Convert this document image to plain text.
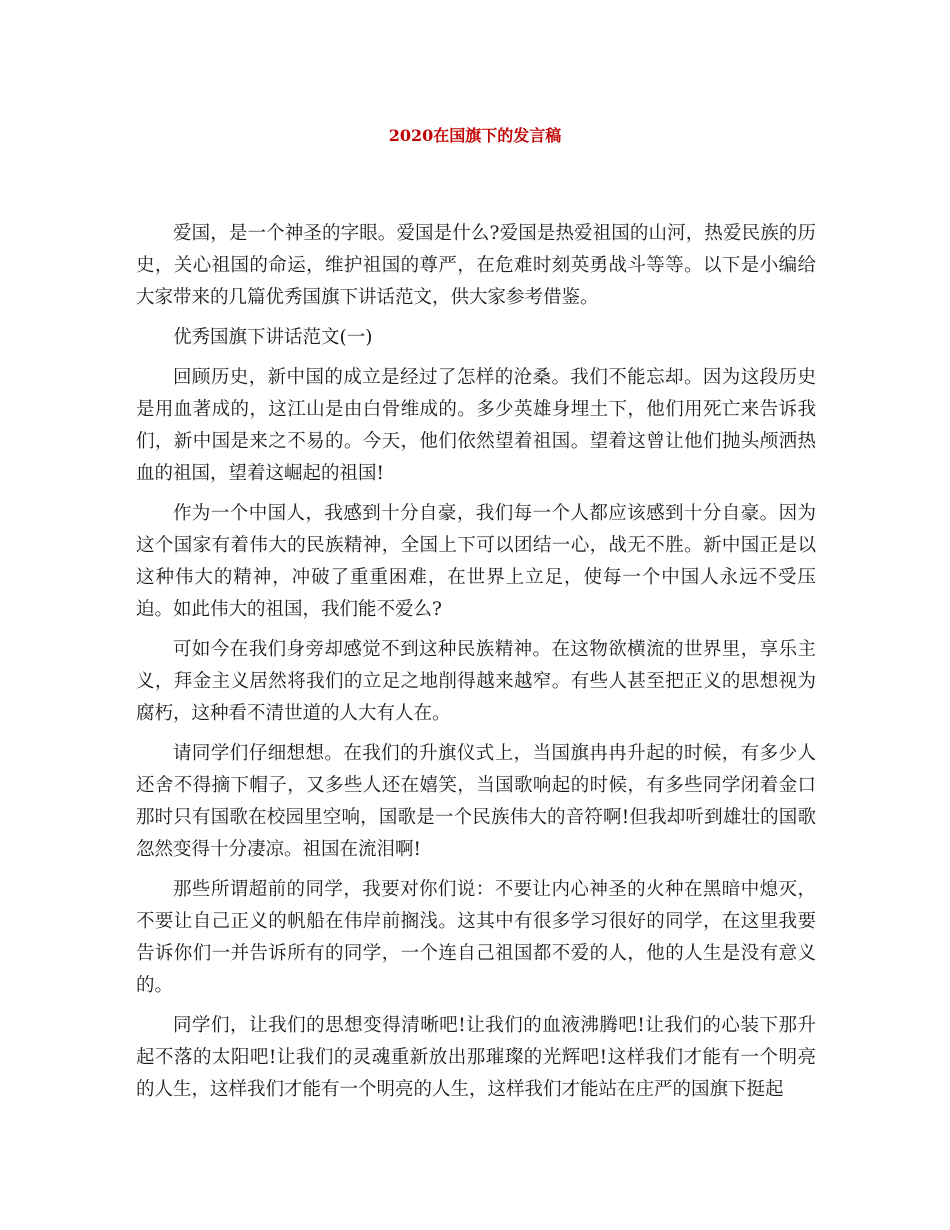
2020在国旗下的发言稿

爱国，是一个神圣的字眼。爱国是什么?爱国是热爱祖国的山河，热爱民族的历史，关心祖国的命运，维护祖国的尊严，在危难时刻英勇战斗等等。以下是小编给大家带来的几篇优秀国旗下讲话范文，供大家参考借鉴。

优秀国旗下讲话范文(一)

回顾历史，新中国的成立是经过了怎样的沧桑。我们不能忘却。因为这段历史是用血著成的，这江山是由白骨维成的。多少英雄身埋土下，他们用死亡来告诉我们，新中国是来之不易的。今天，他们依然望着祖国。望着这曾让他们抛头颅洒热血的祖国，望着这崛起的祖国!

作为一个中国人，我感到十分自豪，我们每一个人都应该感到十分自豪。因为这个国家有着伟大的民族精神，全国上下可以团结一心，战无不胜。新中国正是以这种伟大的精神，冲破了重重困难，在世界上立足，使每一个中国人永远不受压迫。如此伟大的祖国，我们能不爱么?

可如今在我们身旁却感觉不到这种民族精神。在这物欲横流的世界里，享乐主义，拜金主义居然将我们的立足之地削得越来越窄。有些人甚至把正义的思想视为腐朽，这种看不清世道的人大有人在。

请同学们仔细想想。在我们的升旗仪式上，当国旗冉冉升起的时候，有多少人还舍不得摘下帽子，又多些人还在嬉笑，当国歌响起的时候，有多些同学闭着金口那时只有国歌在校园里空响，国歌是一个民族伟大的音符啊!但我却听到雄壮的国歌忽然变得十分凄凉。祖国在流泪啊!

那些所谓超前的同学，我要对你们说：不要让内心神圣的火种在黑暗中熄灭，不要让自己正义的帆船在伟岸前搁浅。这其中有很多学习很好的同学，在这里我要告诉你们一并告诉所有的同学，一个连自己祖国都不爱的人，他的人生是没有意义的。

同学们，让我们的思想变得清晰吧!让我们的血液沸腾吧!让我们的心装下那升起不落的太阳吧!让我们的灵魂重新放出那璀璨的光辉吧!这样我们才能有一个明亮的人生，这样我们才能有一个明亮的人生，这样我们才能站在庄严的国旗下挺起
